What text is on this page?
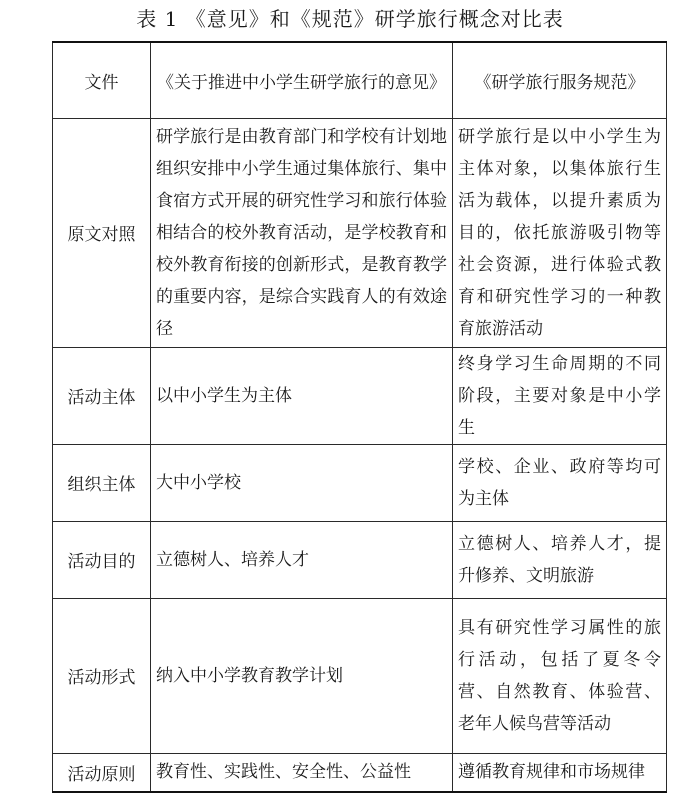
表 1 《意见》和《规范》研学旅行概念对比表
文件	《关于推进中小学生研学旅行的意见》	《研学旅行服务规范》
原文对照	研学旅行是由教育部门和学校有计划地组织安排中小学生通过集体旅行、集中食宿方式开展的研究性学习和旅行体验相结合的校外教育活动，是学校教育和校外教育衔接的创新形式，是教育教学的重要内容，是综合实践育人的有效途径	研学旅行是以中小学生为主体对象，以集体旅行生活为载体，以提升素质为目的，依托旅游吸引物等社会资源，进行体验式教育和研究性学习的一种教育旅游活动
活动主体	以中小学生为主体	终身学习生命周期的不同阶段，主要对象是中小学生
组织主体	大中小学校	学校、企业、政府等均可为主体
活动目的	立德树人、培养人才	立德树人、培养人才，提升修养、文明旅游
活动形式	纳入中小学教育教学计划	具有研究性学习属性的旅行活动，包括了夏冬令营、自然教育、体验营、老年人候鸟营等活动
活动原则	教育性、实践性、安全性、公益性	遵循教育规律和市场规律
